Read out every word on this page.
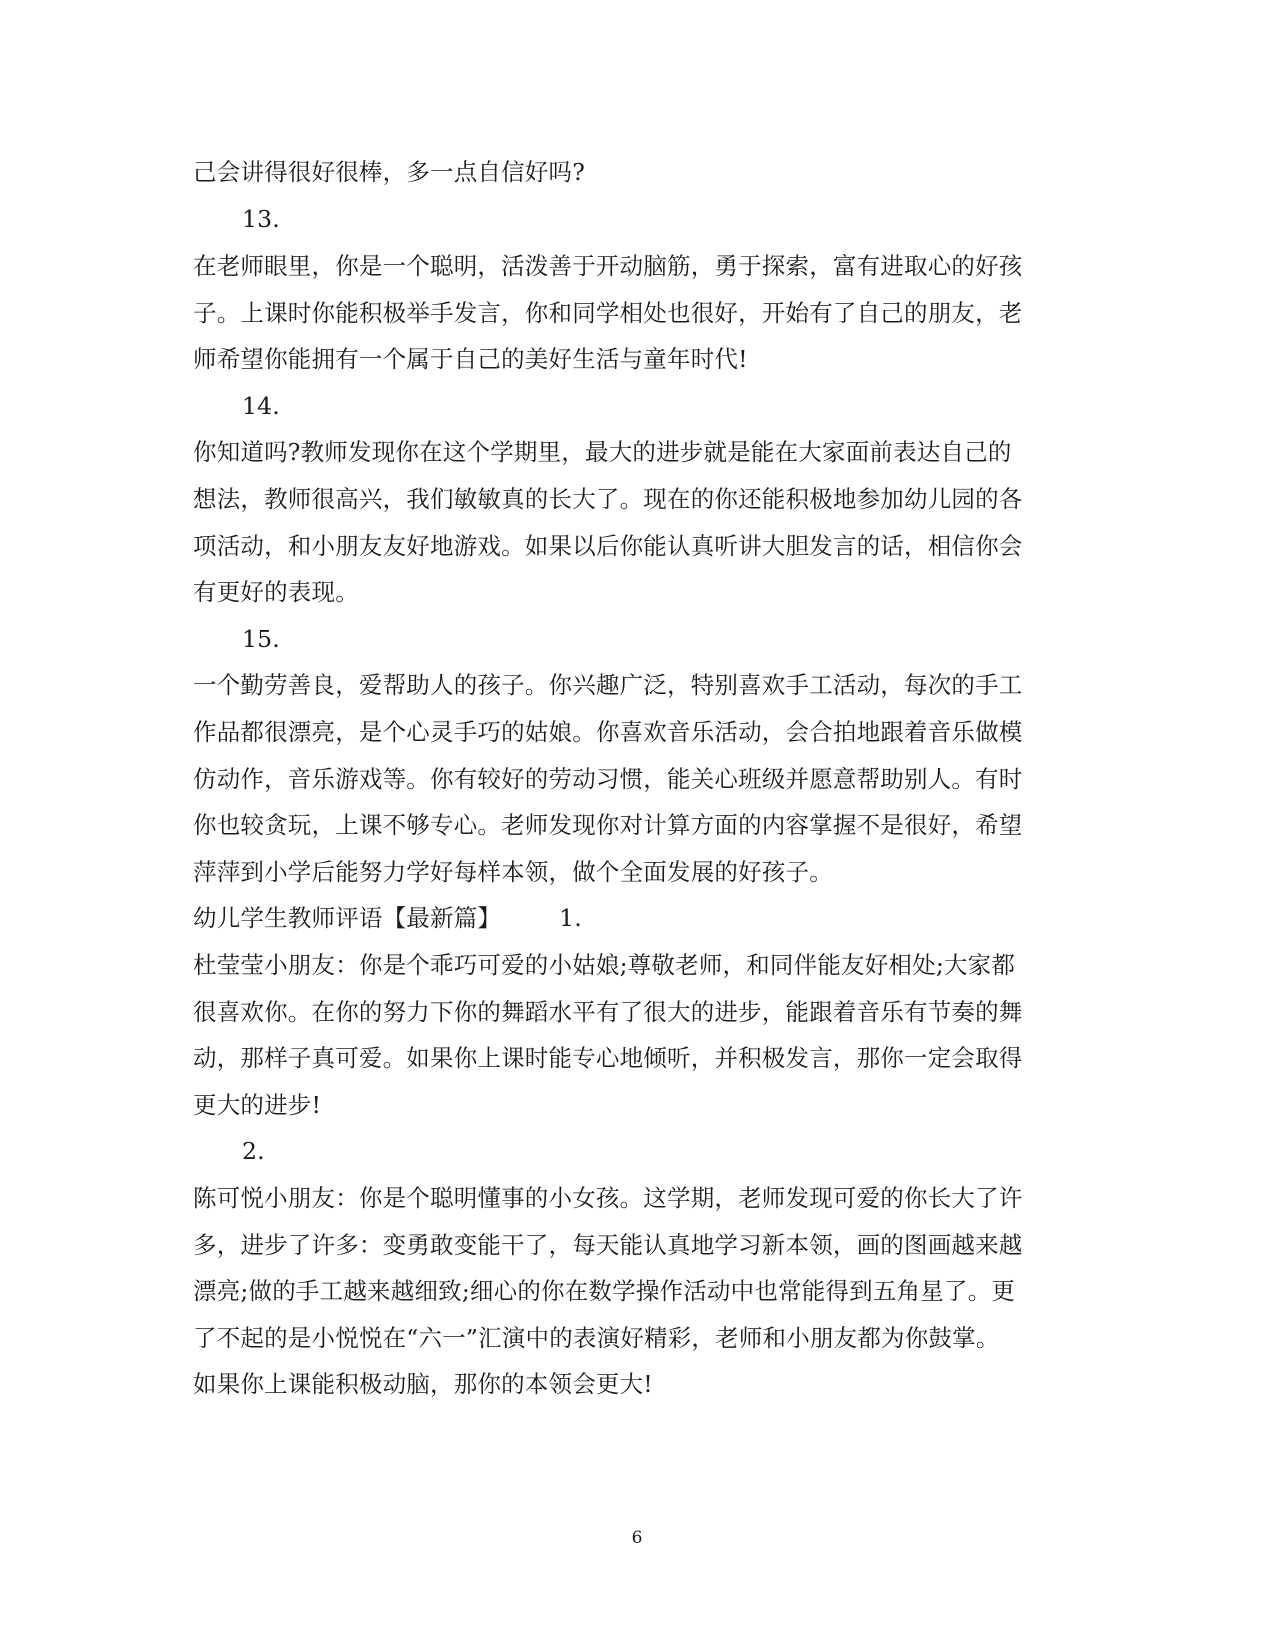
己会讲得很好很棒，多一点自信好吗?
13.
在老师眼里，你是一个聪明，活泼善于开动脑筋，勇于探索，富有进取心的好孩
子。上课时你能积极举手发言，你和同学相处也很好，开始有了自己的朋友，老
师希望你能拥有一个属于自己的美好生活与童年时代!
14.
你知道吗?教师发现你在这个学期里，最大的进步就是能在大家面前表达自己的
想法，教师很高兴，我们敏敏真的长大了。现在的你还能积极地参加幼儿园的各
项活动，和小朋友友好地游戏。如果以后你能认真听讲大胆发言的话，相信你会
有更好的表现。
15.
一个勤劳善良，爱帮助人的孩子。你兴趣广泛，特别喜欢手工活动，每次的手工
作品都很漂亮，是个心灵手巧的姑娘。你喜欢音乐活动，会合拍地跟着音乐做模
仿动作，音乐游戏等。你有较好的劳动习惯，能关心班级并愿意帮助别人。有时
你也较贪玩，上课不够专心。老师发现你对计算方面的内容掌握不是很好，希望
萍萍到小学后能努力学好每样本领，做个全面发展的好孩子。
幼儿学生教师评语【最新篇】 1.
杜莹莹小朋友：你是个乖巧可爱的小姑娘;尊敬老师，和同伴能友好相处;大家都
很喜欢你。在你的努力下你的舞蹈水平有了很大的进步，能跟着音乐有节奏的舞
动，那样子真可爱。如果你上课时能专心地倾听，并积极发言，那你一定会取得
更大的进步!
2.
陈可悦小朋友：你是个聪明懂事的小女孩。这学期，老师发现可爱的你长大了许
多，进步了许多：变勇敢变能干了，每天能认真地学习新本领，画的图画越来越
漂亮;做的手工越来越细致;细心的你在数学操作活动中也常能得到五角星了。更
了不起的是小悦悦在“六一”汇演中的表演好精彩，老师和小朋友都为你鼓掌。
如果你上课能积极动脑，那你的本领会更大!
6
